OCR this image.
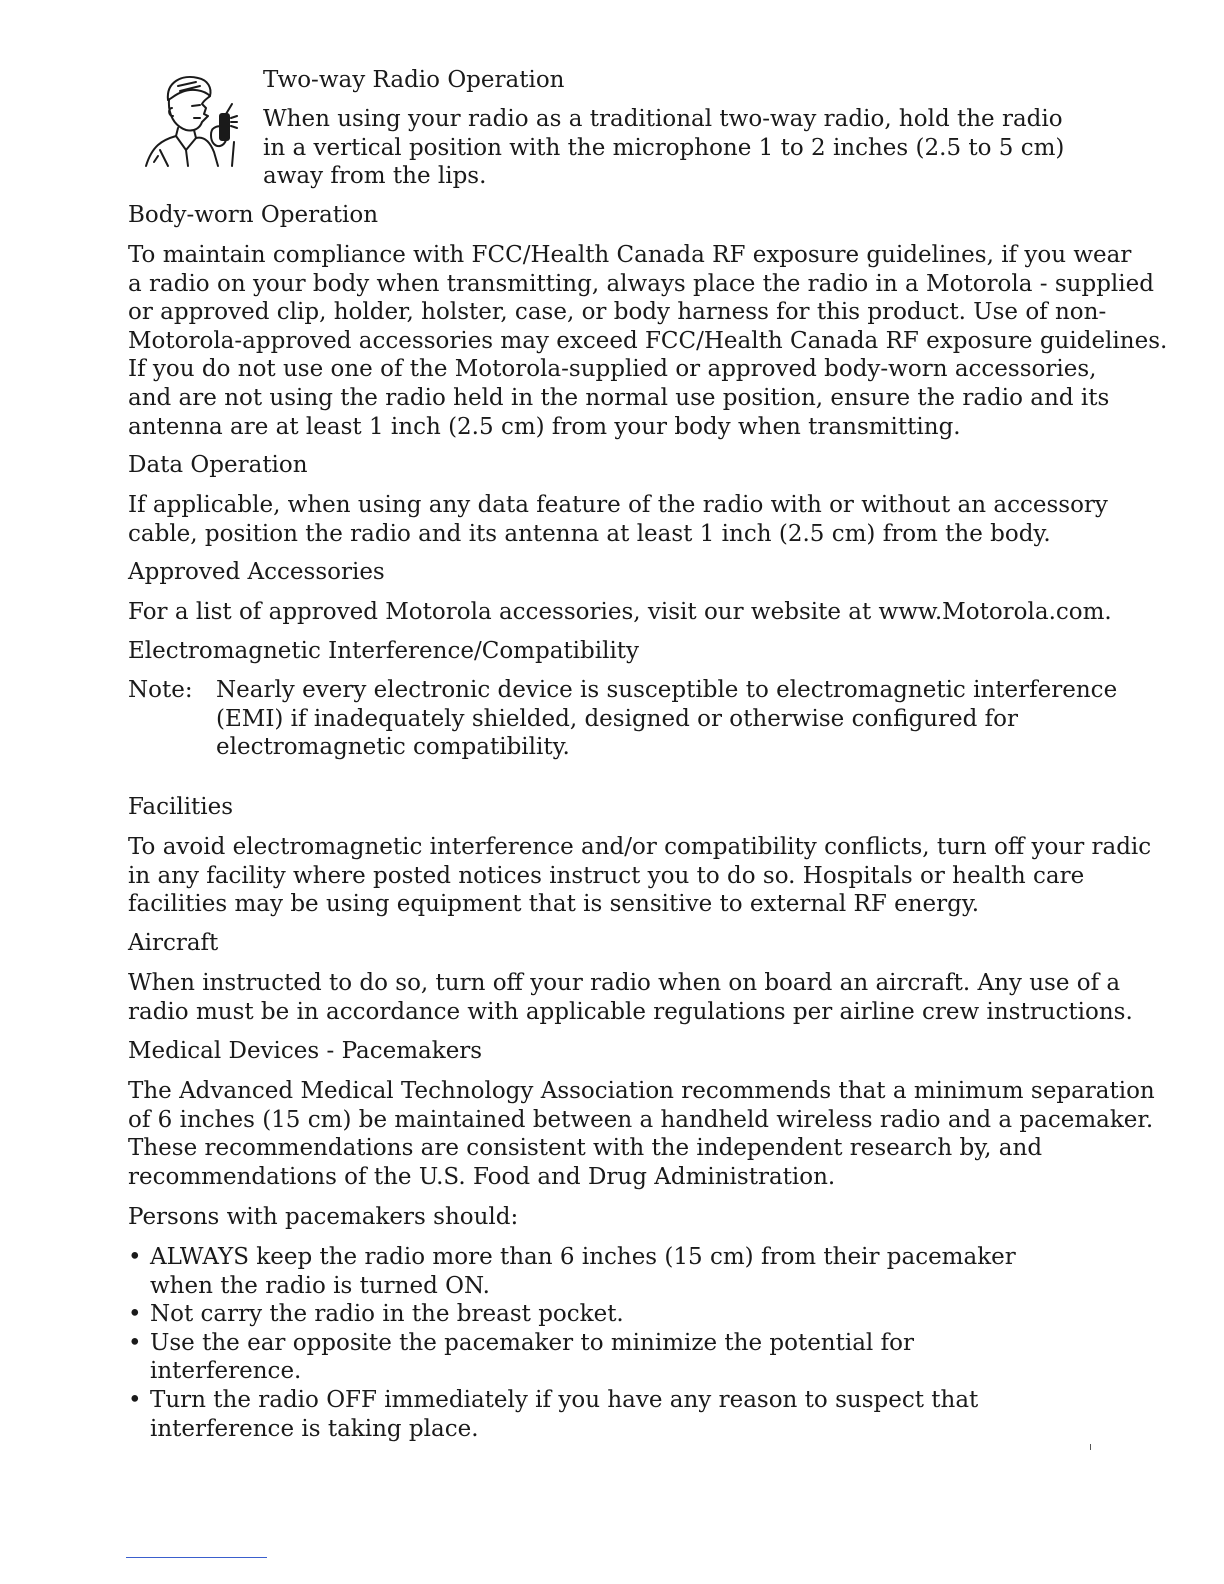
Two-way Radio Operation

When using your radio as a traditional two-way radio, hold the radio
in a vertical position with the microphone 1 to 2 inches (2.5 to 5 cm)
away from the lips.

Body-worn Operation

To maintain compliance with FCC/Health Canada RF exposure guidelines, if you wear
a radio on your body when transmitting, always place the radio in a Motorola - supplied
or approved clip, holder, holster, case, or body harness for this product. Use of non-
Motorola-approved accessories may exceed FCC/Health Canada RF exposure guidelines.
If you do not use one of the Motorola-supplied or approved body-worn accessories,
and are not using the radio held in the normal use position, ensure the radio and its
antenna are at least 1 inch (2.5 cm) from your body when transmitting.

Data Operation

If applicable, when using any data feature of the radio with or without an accessory
cable, position the radio and its antenna at least 1 inch (2.5 cm) from the body.

Approved Accessories

For a list of approved Motorola accessories, visit our website at www.Motorola.com.

Electromagnetic Interference/Compatibility
Note: Nearly every electronic device is susceptible to electromagnetic interference
(EMI) if inadequately shielded, designed or otherwise configured for
electromagnetic compatibility.

Facilities

To avoid electromagnetic interference and/or compatibility conflicts, turn off your radic
in any facility where posted notices instruct you to do so. Hospitals or health care
facilities may be using equipment that is sensitive to external RF energy.

Aircraft

When instructed to do so, turn off your radio when on board an aircraft. Any use of a
radio must be in accordance with applicable regulations per airline crew instructions.

Medical Devices - Pacemakers

The Advanced Medical Technology Association recommends that a minimum separation
of 6 inches (15 cm) be maintained between a handheld wireless radio and a pacemaker.
These recommendations are consistent with the independent research by, and
recommendations of the U.S. Food and Drug Administration.

Persons with pacemakers should:

• ALWAYS keep the radio more than 6 inches (15 cm) from their pacemaker
when the radio is turned ON.
• Not carry the radio in the breast pocket.
• Use the ear opposite the pacemaker to minimize the potential for
interference.
• Turn the radio OFF immediately if you have any reason to suspect that
interference is taking place.
